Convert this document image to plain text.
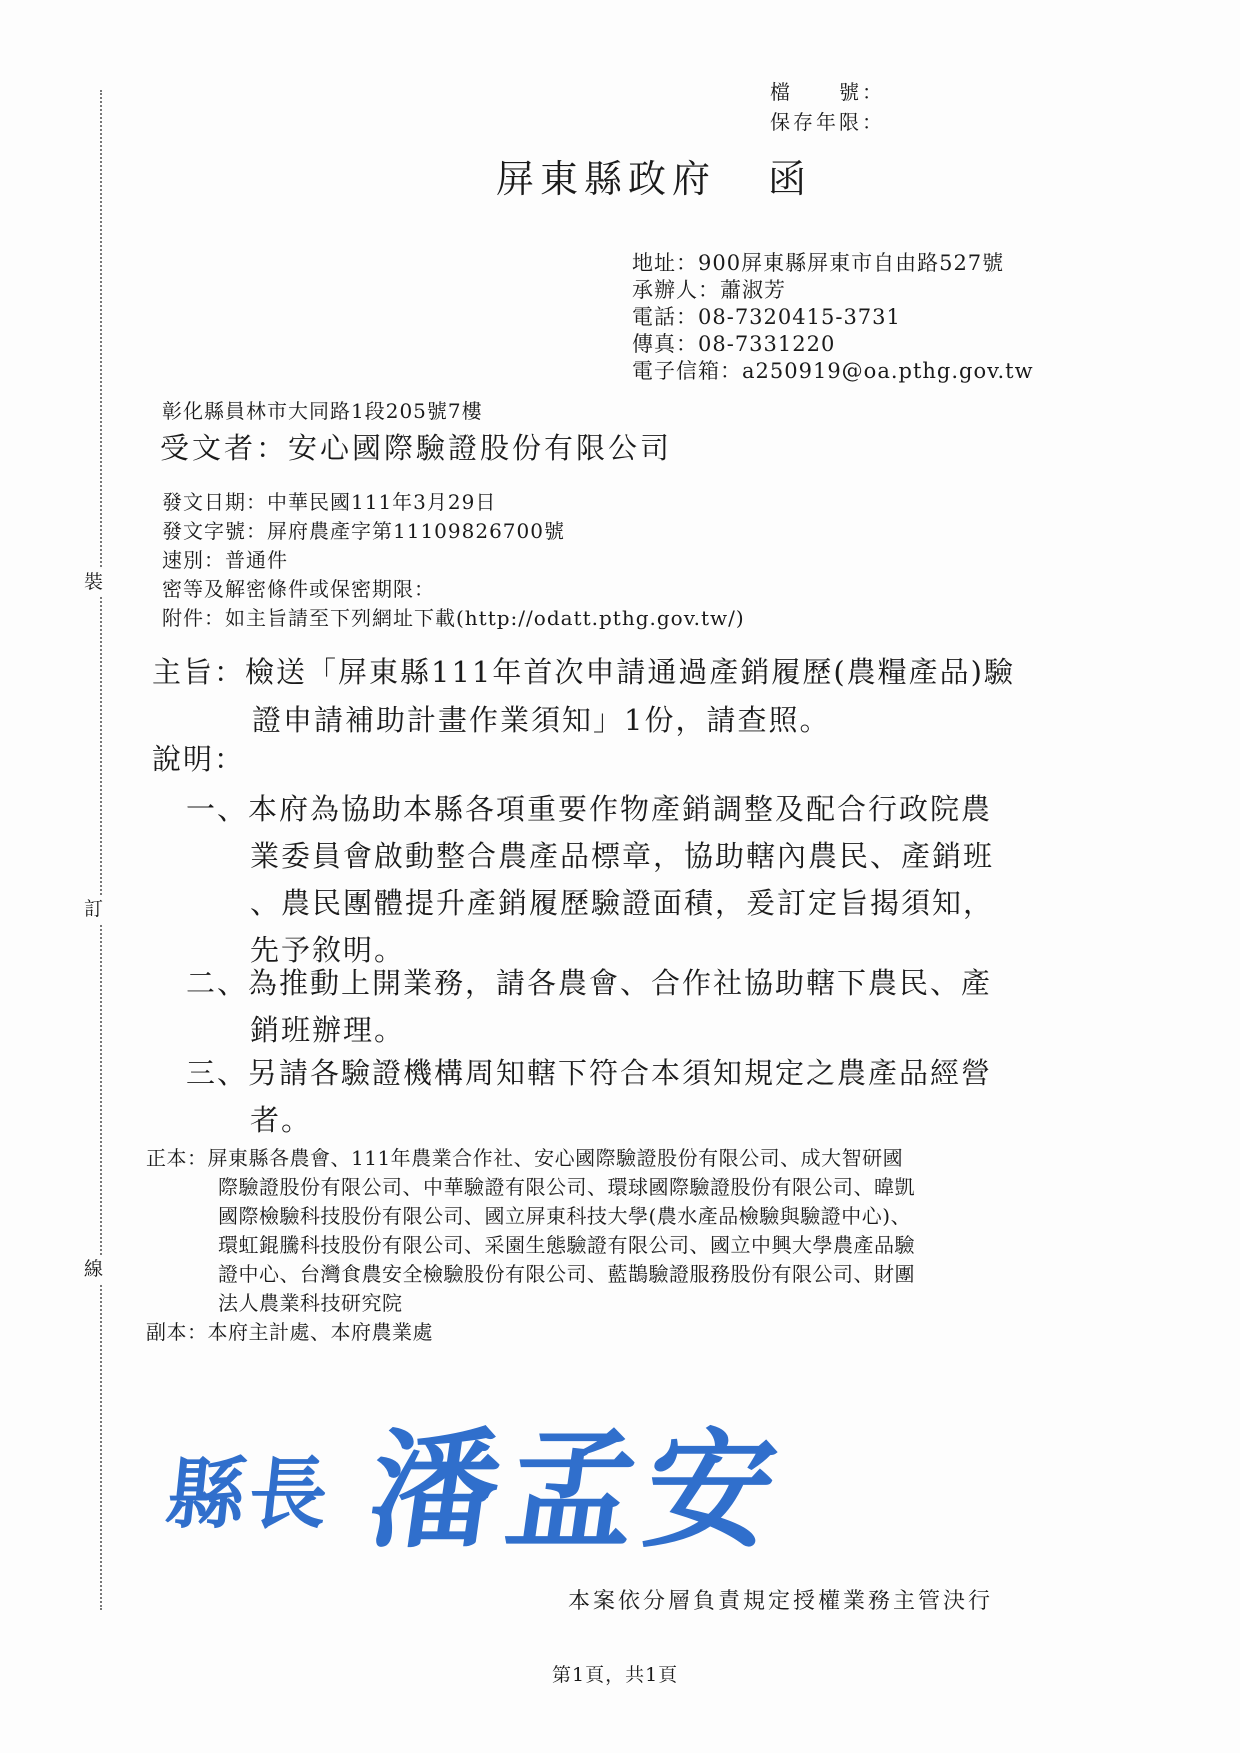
裝
訂
線
檔　　號：
保存年限：
屏東縣政府 函
地址：900屏東縣屏東市自由路527號
承辦人：蕭淑芳
電話：08-7320415-3731
傳真：08-7331220
電子信箱：a250919@oa.pthg.gov.tw
彰化縣員林市大同路1段205號7樓
受文者：安心國際驗證股份有限公司
發文日期：中華民國111年3月29日
發文字號：屏府農產字第11109826700號
速別：普通件
密等及解密條件或保密期限：
附件：如主旨請至下列網址下載(http://odatt.pthg.gov.tw/)
主旨：檢送「屏東縣111年首次申請通過產銷履歷(農糧產品)驗
證申請補助計畫作業須知」1份，請查照。
說明：
一、本府為協助本縣各項重要作物產銷調整及配合行政院農
業委員會啟動整合農產品標章，協助轄內農民、產銷班
、農民團體提升產銷履歷驗證面積，爰訂定旨揭須知，
先予敘明。
二、為推動上開業務，請各農會、合作社協助轄下農民、產
銷班辦理。
三、另請各驗證機構周知轄下符合本須知規定之農產品經營
者。
正本：屏東縣各農會、111年農業合作社、安心國際驗證股份有限公司、成大智研國
際驗證股份有限公司、中華驗證有限公司、環球國際驗證股份有限公司、暐凱
國際檢驗科技股份有限公司、國立屏東科技大學(農水產品檢驗與驗證中心)、
環虹錕騰科技股份有限公司、采園生態驗證有限公司、國立中興大學農產品驗
證中心、台灣食農安全檢驗股份有限公司、藍鵲驗證服務股份有限公司、財團
法人農業科技研究院
副本：本府主計處、本府農業處
縣長 潘孟安
本案依分層負責規定授權業務主管決行
第1頁，共1頁
